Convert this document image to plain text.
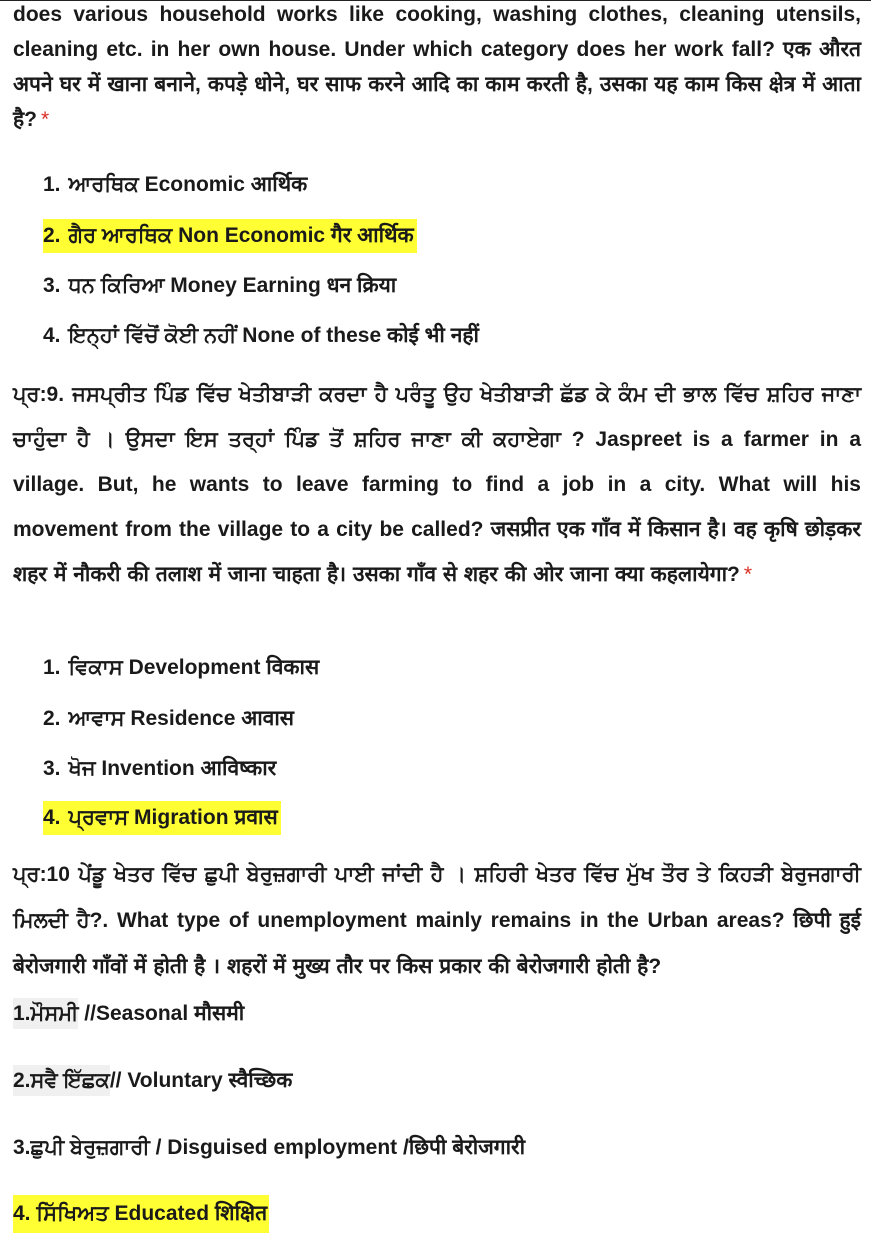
does various household works like cooking, washing clothes, cleaning utensils, cleaning etc. in her own house. Under which category does her work fall? एक औरत अपने घर में खाना बनाने, कपड़े धोने, घर साफ करने आदि का काम करती है, उसका यह काम किस क्षेत्र में आता है? *

1. ਆਰਥਿਕ Economic आर्थिक
2. ਗੈਰ ਆਰਥਿਕ Non Economic गैर आर्थिक
3. ਧਨ ਕਿਰਿਆ Money Earning धन क्रिया
4. ਇਨ੍ਹਾਂ ਵਿੱਚੋਂ ਕੋਈ ਨਹੀਂ None of these कोई भी नहीं

ਪ੍ਰ:9. ਜਸਪ੍ਰੀਤ ਪਿੰਡ ਵਿੱਚ ਖੇਤੀਬਾੜੀ ਕਰਦਾ ਹੈ ਪਰੰਤੂ ਉਹ ਖੇਤੀਬਾੜੀ ਛੱਡ ਕੇ ਕੰਮ ਦੀ ਭਾਲ ਵਿੱਚ ਸ਼ਹਿਰ ਜਾਣਾ ਚਾਹੁੰਦਾ ਹੈ । ਉਸਦਾ ਇਸ ਤਰ੍ਹਾਂ ਪਿੰਡ ਤੋਂ ਸ਼ਹਿਰ ਜਾਣਾ ਕੀ ਕਹਾਏਗਾ ? Jaspreet is a farmer in a village. But, he wants to leave farming to find a job in a city. What will his movement from the village to a city be called? जसप्रीत एक गाँव में किसान है। वह कृषि छोड़कर शहर में नौकरी की तलाश में जाना चाहता है। उसका गाँव से शहर की ओर जाना क्या कहलायेगा? *

1. ਵਿਕਾਸ Development विकास
2. ਆਵਾਸ Residence आवास
3. ਖੋਜ Invention आविष्कार
4. ਪ੍ਰਵਾਸ Migration प्रवास

ਪ੍ਰ:10 ਪੇਂਡੂ ਖੇਤਰ ਵਿੱਚ ਛੁਪੀ ਬੇਰੁਜ਼ਗਾਰੀ ਪਾਈ ਜਾਂਦੀ ਹੈ । ਸ਼ਹਿਰੀ ਖੇਤਰ ਵਿੱਚ ਮੁੱਖ ਤੌਰ ਤੇ ਕਿਹੜੀ ਬੇਰੁਜਗਾਰੀ ਮਿਲਦੀ ਹੈ?. What type of unemployment mainly remains in the Urban areas? छिपी हुई बेरोजगारी गाँवों में होती है । शहरों में मुख्य तौर पर किस प्रकार की बेरोजगारी होती है?

1.ਮੌਸਮੀ //Seasonal मौसमी
2.ਸਵੈ ਇੱਛਕ// Voluntary स्वैच्छिक
3.ਛੁਪੀ ਬੇਰੁਜ਼ਗਾਰੀ / Disguised employment /छिपी बेरोजगारी
4. ਸਿੱਖਿਅਤ Educated शिक्षित
